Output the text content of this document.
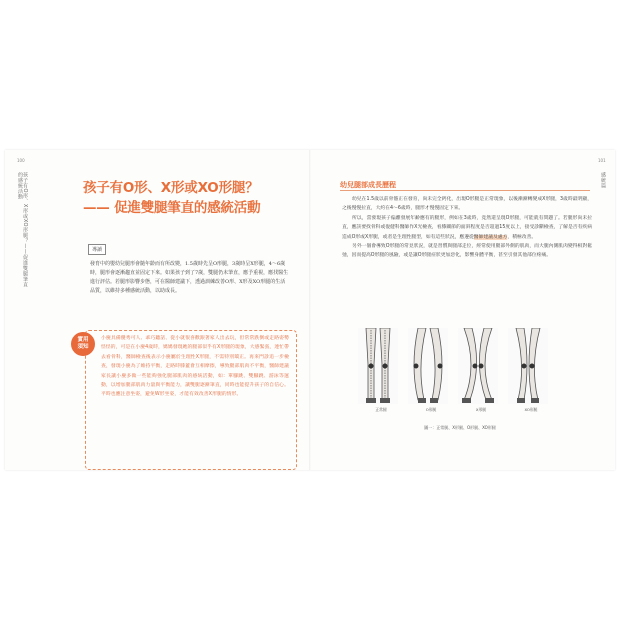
100
孩子有O形、X形或XO形腿？——促進雙腿筆直的感統活動	孩子有O形、X形或XO形腿？
—— 促進雙腿筆直的感統活動
導讀

發育中的嬰幼兒腿形會隨年齡而有所改變，1.5歲時先呈O形腿，3歲時呈X形腿，4～6歲時，腿形會逐漸趨直並固定下來。如果孩子到了7歲，雙腿仍未筆直，應予重視，應找醫生進行評估。若腿形影響步態，可在醫師建議下，透過訓練改善O形、X形及XO形腿的生活品質，以維持多種感統活動，以助成長。

實用須知

小慶具備優秀可人、乖巧聽話、從小就很喜歡跟著家人出去玩，但常常跌倒或走路姿勢怪怪的，可是在小慶4歲時，媽媽發現她的腿部似乎有X形腿的現象，大感緊張，連忙帶去看骨科，醫師檢查後表示小慶屬於生理性X形腿，不需特別矯正。再來門診追一步檢查，發現小慶為了維持平衡，走路時膝蓋會互相摩擦，導致腿部肌肉不平衡，醫師建議家長讓小慶多做一些能夠強化腿部肌肉的感統活動，如：單腳跳、雙腳跳、游泳等運動，以增加腿部肌肉力量與平衡能力，讓雙腿逐漸筆直，同時也能提升孩子的自信心。平時也應注意坐姿，避免W形坐姿，才能有效改善X形腿的情形。

101
感統篇
幼兒腿部成長歷程

幼兒在1.5歲以前骨骼正在發育，尚未完全鈣化，出現O形腿是正常現象，以後漸漸轉變成X形腿，3歲時最明顯，之後慢慢拉直，大約在4～6歲時，腿形才慢慢固定下來。

所以，當發現孩子偏離發展年齡應有的腿形，例如在3歲時，竟然還呈現O形腿，可能就有問題了。若腿形尚未拉直，應該要找骨科或復健科醫師作X光檢查，看膝關節的面斜程度是否超過15度以上，接受診斷檢查，了解是否有疾病造成O形或X形腿，或者是生理性腿型，如有這些狀況，應遵從醫師建議及處方，積極改善。

另外一個會導致O形腿的常見狀況，就是習慣與腿部走位，經常使用腿部外側的肌肉，而大腿內側肌肉變得相對鬆弛，因而提高O形腿的風險，或是讓O形腿症狀更加惡化，影響身體平衡，甚至引發其他部位疼痛。

正常腿	O形腿	X形腿	XO形腿
圖一：正常腿、X形腿、O形腿、XO形腿
